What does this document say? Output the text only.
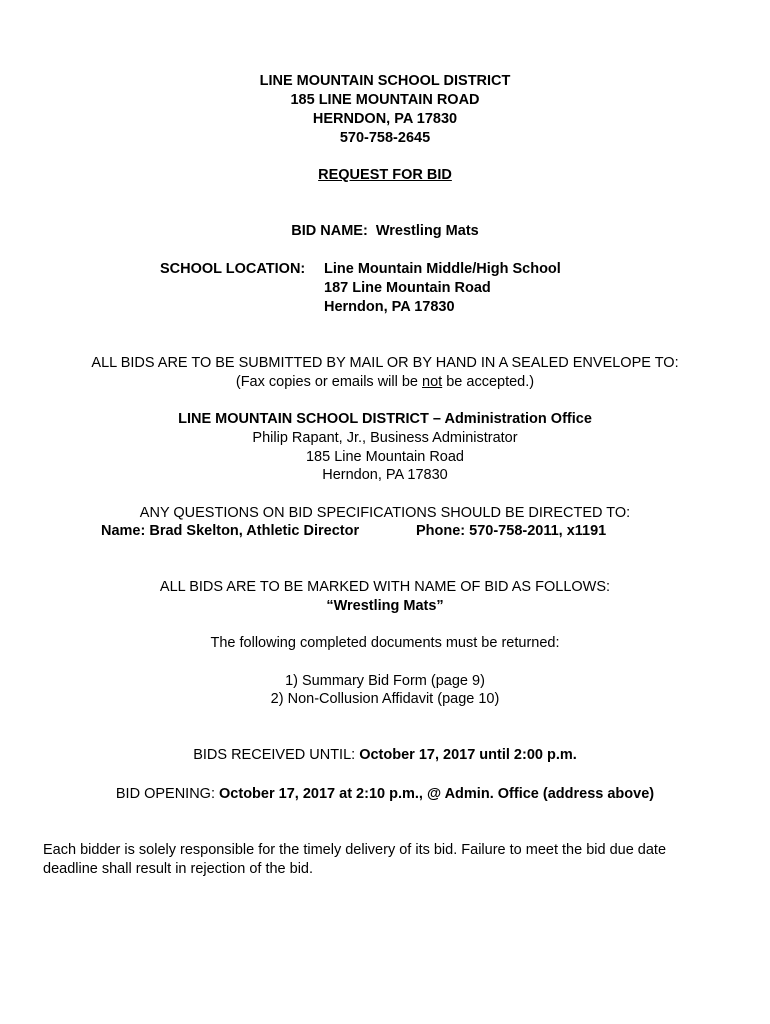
LINE MOUNTAIN SCHOOL DISTRICT
185 LINE MOUNTAIN ROAD
HERNDON, PA 17830
570-758-2645
REQUEST FOR BID
BID NAME: Wrestling Mats
SCHOOL LOCATION: Line Mountain Middle/High School
187 Line Mountain Road
Herndon, PA 17830
ALL BIDS ARE TO BE SUBMITTED BY MAIL OR BY HAND IN A SEALED ENVELOPE TO:
(Fax copies or emails will be not be accepted.)
LINE MOUNTAIN SCHOOL DISTRICT – Administration Office
Philip Rapant, Jr., Business Administrator
185 Line Mountain Road
Herndon, PA 17830
ANY QUESTIONS ON BID SPECIFICATIONS SHOULD BE DIRECTED TO:
Name: Brad Skelton, Athletic Director	Phone: 570-758-2011, x1191
ALL BIDS ARE TO BE MARKED WITH NAME OF BID AS FOLLOWS:
“Wrestling Mats”
The following completed documents must be returned:
1) Summary Bid Form (page 9)
2) Non-Collusion Affidavit (page 10)
BIDS RECEIVED UNTIL: October 17, 2017 until 2:00 p.m.
BID OPENING: October 17, 2017 at 2:10 p.m., @ Admin. Office (address above)
Each bidder is solely responsible for the timely delivery of its bid. Failure to meet the bid due date deadline shall result in rejection of the bid.
